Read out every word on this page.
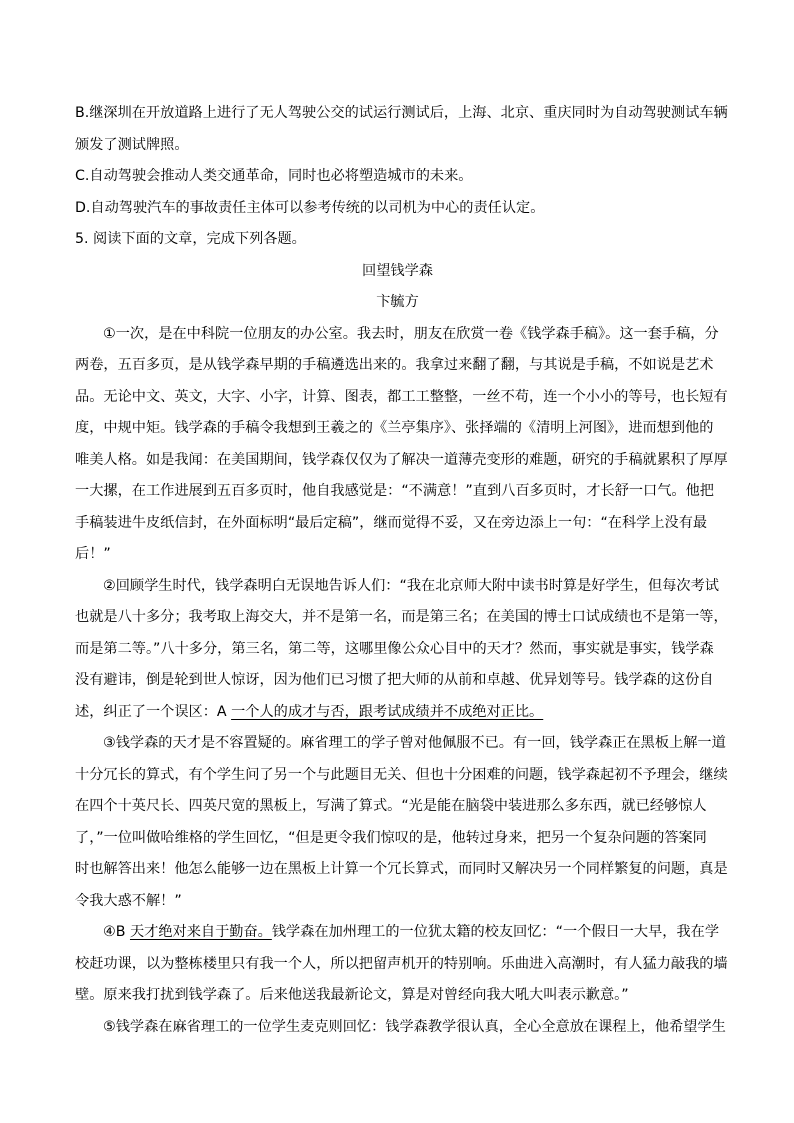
B.继深圳在开放道路上进行了无人驾驶公交的试运行测试后，上海、北京、重庆同时为自动驾驶测试车辆
颁发了测试牌照。
C.自动驾驶会推动人类交通革命，同时也必将塑造城市的未来。
D.自动驾驶汽车的事故责任主体可以参考传统的以司机为中心的责任认定。
5. 阅读下面的文章，完成下列各题。
回望钱学森
卞毓方
①一次，是在中科院一位朋友的办公室。我去时，朋友在欣赏一卷《钱学森手稿》。这一套手稿，分
两卷，五百多页，是从钱学森早期的手稿遴选出来的。我拿过来翻了翻，与其说是手稿，不如说是艺术
品。无论中文、英文，大字、小字，计算、图表，都工工整整，一丝不苟，连一个小小的等号，也长短有
度，中规中矩。钱学森的手稿令我想到王羲之的《兰亭集序》、张择端的《清明上河图》，进而想到他的
唯美人格。如是我闻：在美国期间，钱学森仅仅为了解决一道薄壳变形的难题，研究的手稿就累积了厚厚
一大摞，在工作进展到五百多页时，他自我感觉是：“不满意！”直到八百多页时，才长舒一口气。他把
手稿装进牛皮纸信封，在外面标明“最后定稿”，继而觉得不妥，又在旁边添上一句：“在科学上没有最
后！”
②回顾学生时代，钱学森明白无误地告诉人们：“我在北京师大附中读书时算是好学生，但每次考试
也就是八十多分；我考取上海交大，并不是第一名，而是第三名；在美国的博士口试成绩也不是第一等，
而是第二等。”八十多分，第三名，第二等，这哪里像公众心目中的天才？然而，事实就是事实，钱学森
没有避讳，倒是轮到世人惊讶，因为他们已习惯了把大师的从前和卓越、优异划等号。钱学森的这份自
述，纠正了一个误区：A 一个人的成才与否，跟考试成绩并不成绝对正比。
③钱学森的天才是不容置疑的。麻省理工的学子曾对他佩服不已。有一回，钱学森正在黑板上解一道
十分冗长的算式，有个学生问了另一个与此题目无关、但也十分困难的问题，钱学森起初不予理会，继续
在四个十英尺长、四英尺宽的黑板上，写满了算式。“光是能在脑袋中装进那么多东西，就已经够惊人
了，”一位叫做哈维格的学生回忆，“但是更令我们惊叹的是，他转过身来，把另一个复杂问题的答案同
时也解答出来！他怎么能够一边在黑板上计算一个冗长算式，而同时又解决另一个同样繁复的问题，真是
令我大惑不解！”
④B 天才绝对来自于勤奋。钱学森在加州理工的一位犹太籍的校友回忆：“一个假日一大早，我在学
校赶功课，以为整栋楼里只有我一个人，所以把留声机开的特别响。乐曲进入高潮时，有人猛力敲我的墙
壁。原来我打扰到钱学森了。后来他送我最新论文，算是对曾经向我大吼大叫表示歉意。”
⑤钱学森在麻省理工的一位学生麦克则回忆：钱学森教学很认真，全心全意放在课程上，他希望学生
